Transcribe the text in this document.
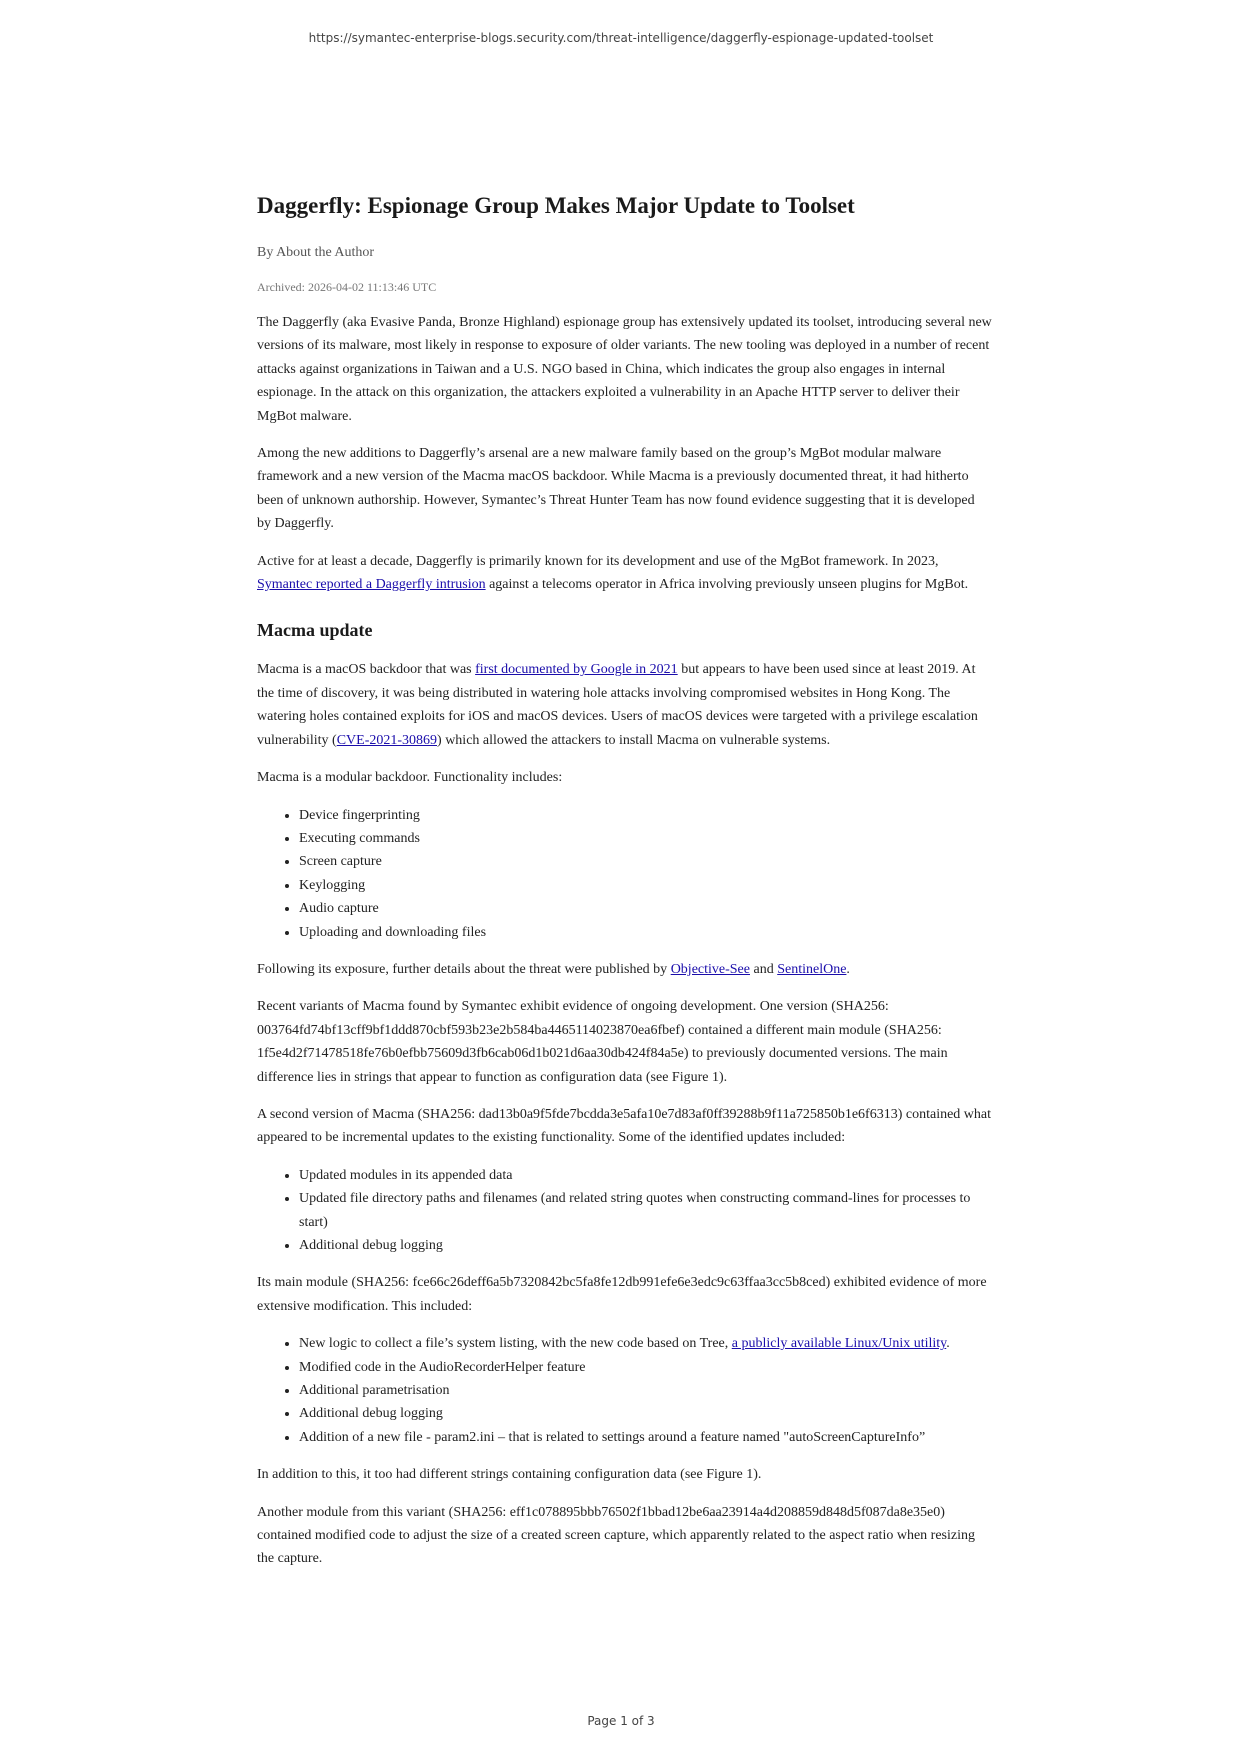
https://symantec-enterprise-blogs.security.com/threat-intelligence/daggerfly-espionage-updated-toolset
Daggerfly: Espionage Group Makes Major Update to Toolset
By About the Author
Archived: 2026-04-02 11:13:46 UTC

The Daggerfly (aka Evasive Panda, Bronze Highland) espionage group has extensively updated its toolset, introducing several new versions of its malware, most likely in response to exposure of older variants. The new tooling was deployed in a number of recent attacks against organizations in Taiwan and a U.S. NGO based in China, which indicates the group also engages in internal espionage. In the attack on this organization, the attackers exploited a vulnerability in an Apache HTTP server to deliver their MgBot malware.

Among the new additions to Daggerfly’s arsenal are a new malware family based on the group’s MgBot modular malware framework and a new version of the Macma macOS backdoor. While Macma is a previously documented threat, it had hitherto been of unknown authorship. However, Symantec’s Threat Hunter Team has now found evidence suggesting that it is developed by Daggerfly.

Active for at least a decade, Daggerfly is primarily known for its development and use of the MgBot framework. In 2023, Symantec reported a Daggerfly intrusion against a telecoms operator in Africa involving previously unseen plugins for MgBot.

Macma update

Macma is a macOS backdoor that was first documented by Google in 2021 but appears to have been used since at least 2019. At the time of discovery, it was being distributed in watering hole attacks involving compromised websites in Hong Kong. The watering holes contained exploits for iOS and macOS devices. Users of macOS devices were targeted with a privilege escalation vulnerability (CVE-2021-30869) which allowed the attackers to install Macma on vulnerable systems.

Macma is a modular backdoor. Functionality includes:

• Device fingerprinting
• Executing commands
• Screen capture
• Keylogging
• Audio capture
• Uploading and downloading files

Following its exposure, further details about the threat were published by Objective-See and SentinelOne.

Recent variants of Macma found by Symantec exhibit evidence of ongoing development. One version (SHA256: 003764fd74bf13cff9bf1ddd870cbf593b23e2b584ba4465114023870ea6fbef) contained a different main module (SHA256: 1f5e4d2f71478518fe76b0efbb75609d3fb6cab06d1b021d6aa30db424f84a5e) to previously documented versions. The main difference lies in strings that appear to function as configuration data (see Figure 1).

A second version of Macma (SHA256: dad13b0a9f5fde7bcdda3e5afa10e7d83af0ff39288b9f11a725850b1e6f6313) contained what appeared to be incremental updates to the existing functionality. Some of the identified updates included:

• Updated modules in its appended data
• Updated file directory paths and filenames (and related string quotes when constructing command-lines for processes to start)
• Additional debug logging

Its main module (SHA256: fce66c26deff6a5b7320842bc5fa8fe12db991efe6e3edc9c63ffaa3cc5b8ced) exhibited evidence of more extensive modification. This included:

• New logic to collect a file’s system listing, with the new code based on Tree, a publicly available Linux/Unix utility.
• Modified code in the AudioRecorderHelper feature
• Additional parametrisation
• Additional debug logging
• Addition of a new file - param2.ini – that is related to settings around a feature named "autoScreenCaptureInfo”

In addition to this, it too had different strings containing configuration data (see Figure 1).

Another module from this variant (SHA256: eff1c078895bbb76502f1bbad12be6aa23914a4d208859d848d5f087da8e35e0) contained modified code to adjust the size of a created screen capture, which apparently related to the aspect ratio when resizing the capture.

Page 1 of 3
